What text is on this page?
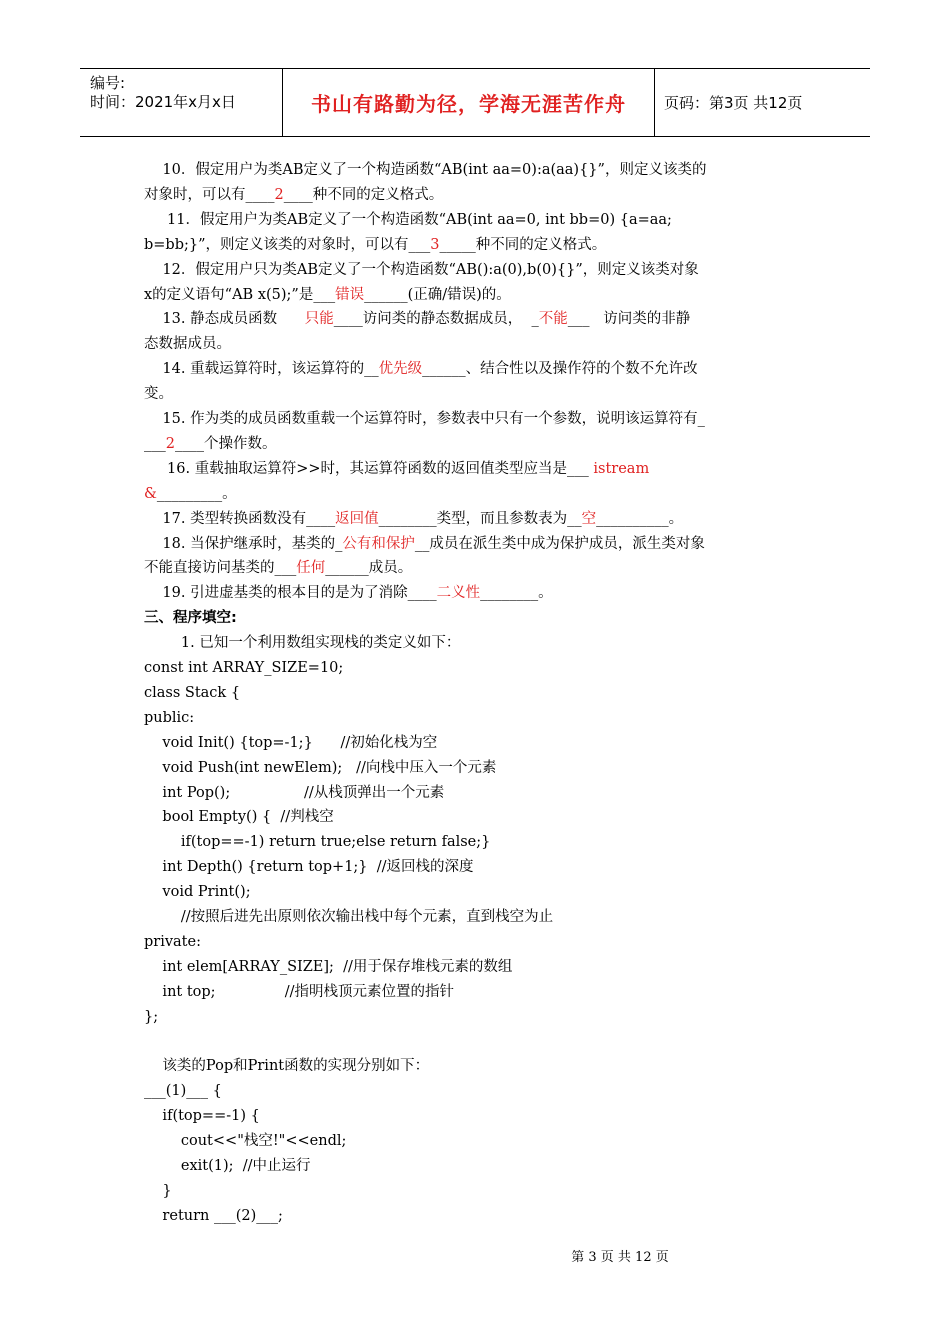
编号:
时间：2021年x月x日	书山有路勤为径，学海无涯苦作舟	页码：第3页 共12页
10．假定用户为类AB定义了一个构造函数“AB(int aa=0):a(aa){}”，则定义该类的
对象时，可以有____2____种不同的定义格式。
11．假定用户为类AB定义了一个构造函数“AB(int aa=0, int bb=0) {a=aa;
b=bb;}”，则定义该类的对象时，可以有___3_____种不同的定义格式。
12．假定用户只为类AB定义了一个构造函数“AB():a(0),b(0){}”，则定义该类对象
x的定义语句“AB x(5);”是___错误______(正确/错误)的。
13. 静态成员函数      只能____访问类的静态数据成员，  _不能___   访问类的非静
态数据成员。
14. 重载运算符时，该运算符的__优先级______、结合性以及操作符的个数不允许改
变。
15. 作为类的成员函数重载一个运算符时，参数表中只有一个参数，说明该运算符有_
___2____个操作数。
16. 重载抽取运算符>>时，其运算符函数的返回值类型应当是___ istream
&_________。
17. 类型转换函数没有____返回值________类型，而且参数表为__空__________。
18. 当保护继承时，基类的_公有和保护__成员在派生类中成为保护成员，派生类对象
不能直接访问基类的___任何______成员。
19. 引进虚基类的根本目的是为了消除____二义性________。
三、程序填空:
1. 已知一个利用数组实现栈的类定义如下：
const int ARRAY_SIZE=10;
class Stack {
public:
void Init() {top=-1;}      //初始化栈为空
void Push(int newElem);   //向栈中压入一个元素
int Pop();                //从栈顶弹出一个元素
bool Empty() {  //判栈空
if(top==-1) return true;else return false;}
int Depth() {return top+1;}  //返回栈的深度
void Print();
//按照后进先出原则依次输出栈中每个元素，直到栈空为止
private:
int elem[ARRAY_SIZE];  //用于保存堆栈元素的数组
int top;               //指明栈顶元素位置的指针
};
该类的Pop和Print函数的实现分别如下：
___(1)___ {
if(top==-1) {
cout<<"栈空!"<<endl;
exit(1);  //中止运行
}
return ___(2)___;
第 3 页 共 12 页
